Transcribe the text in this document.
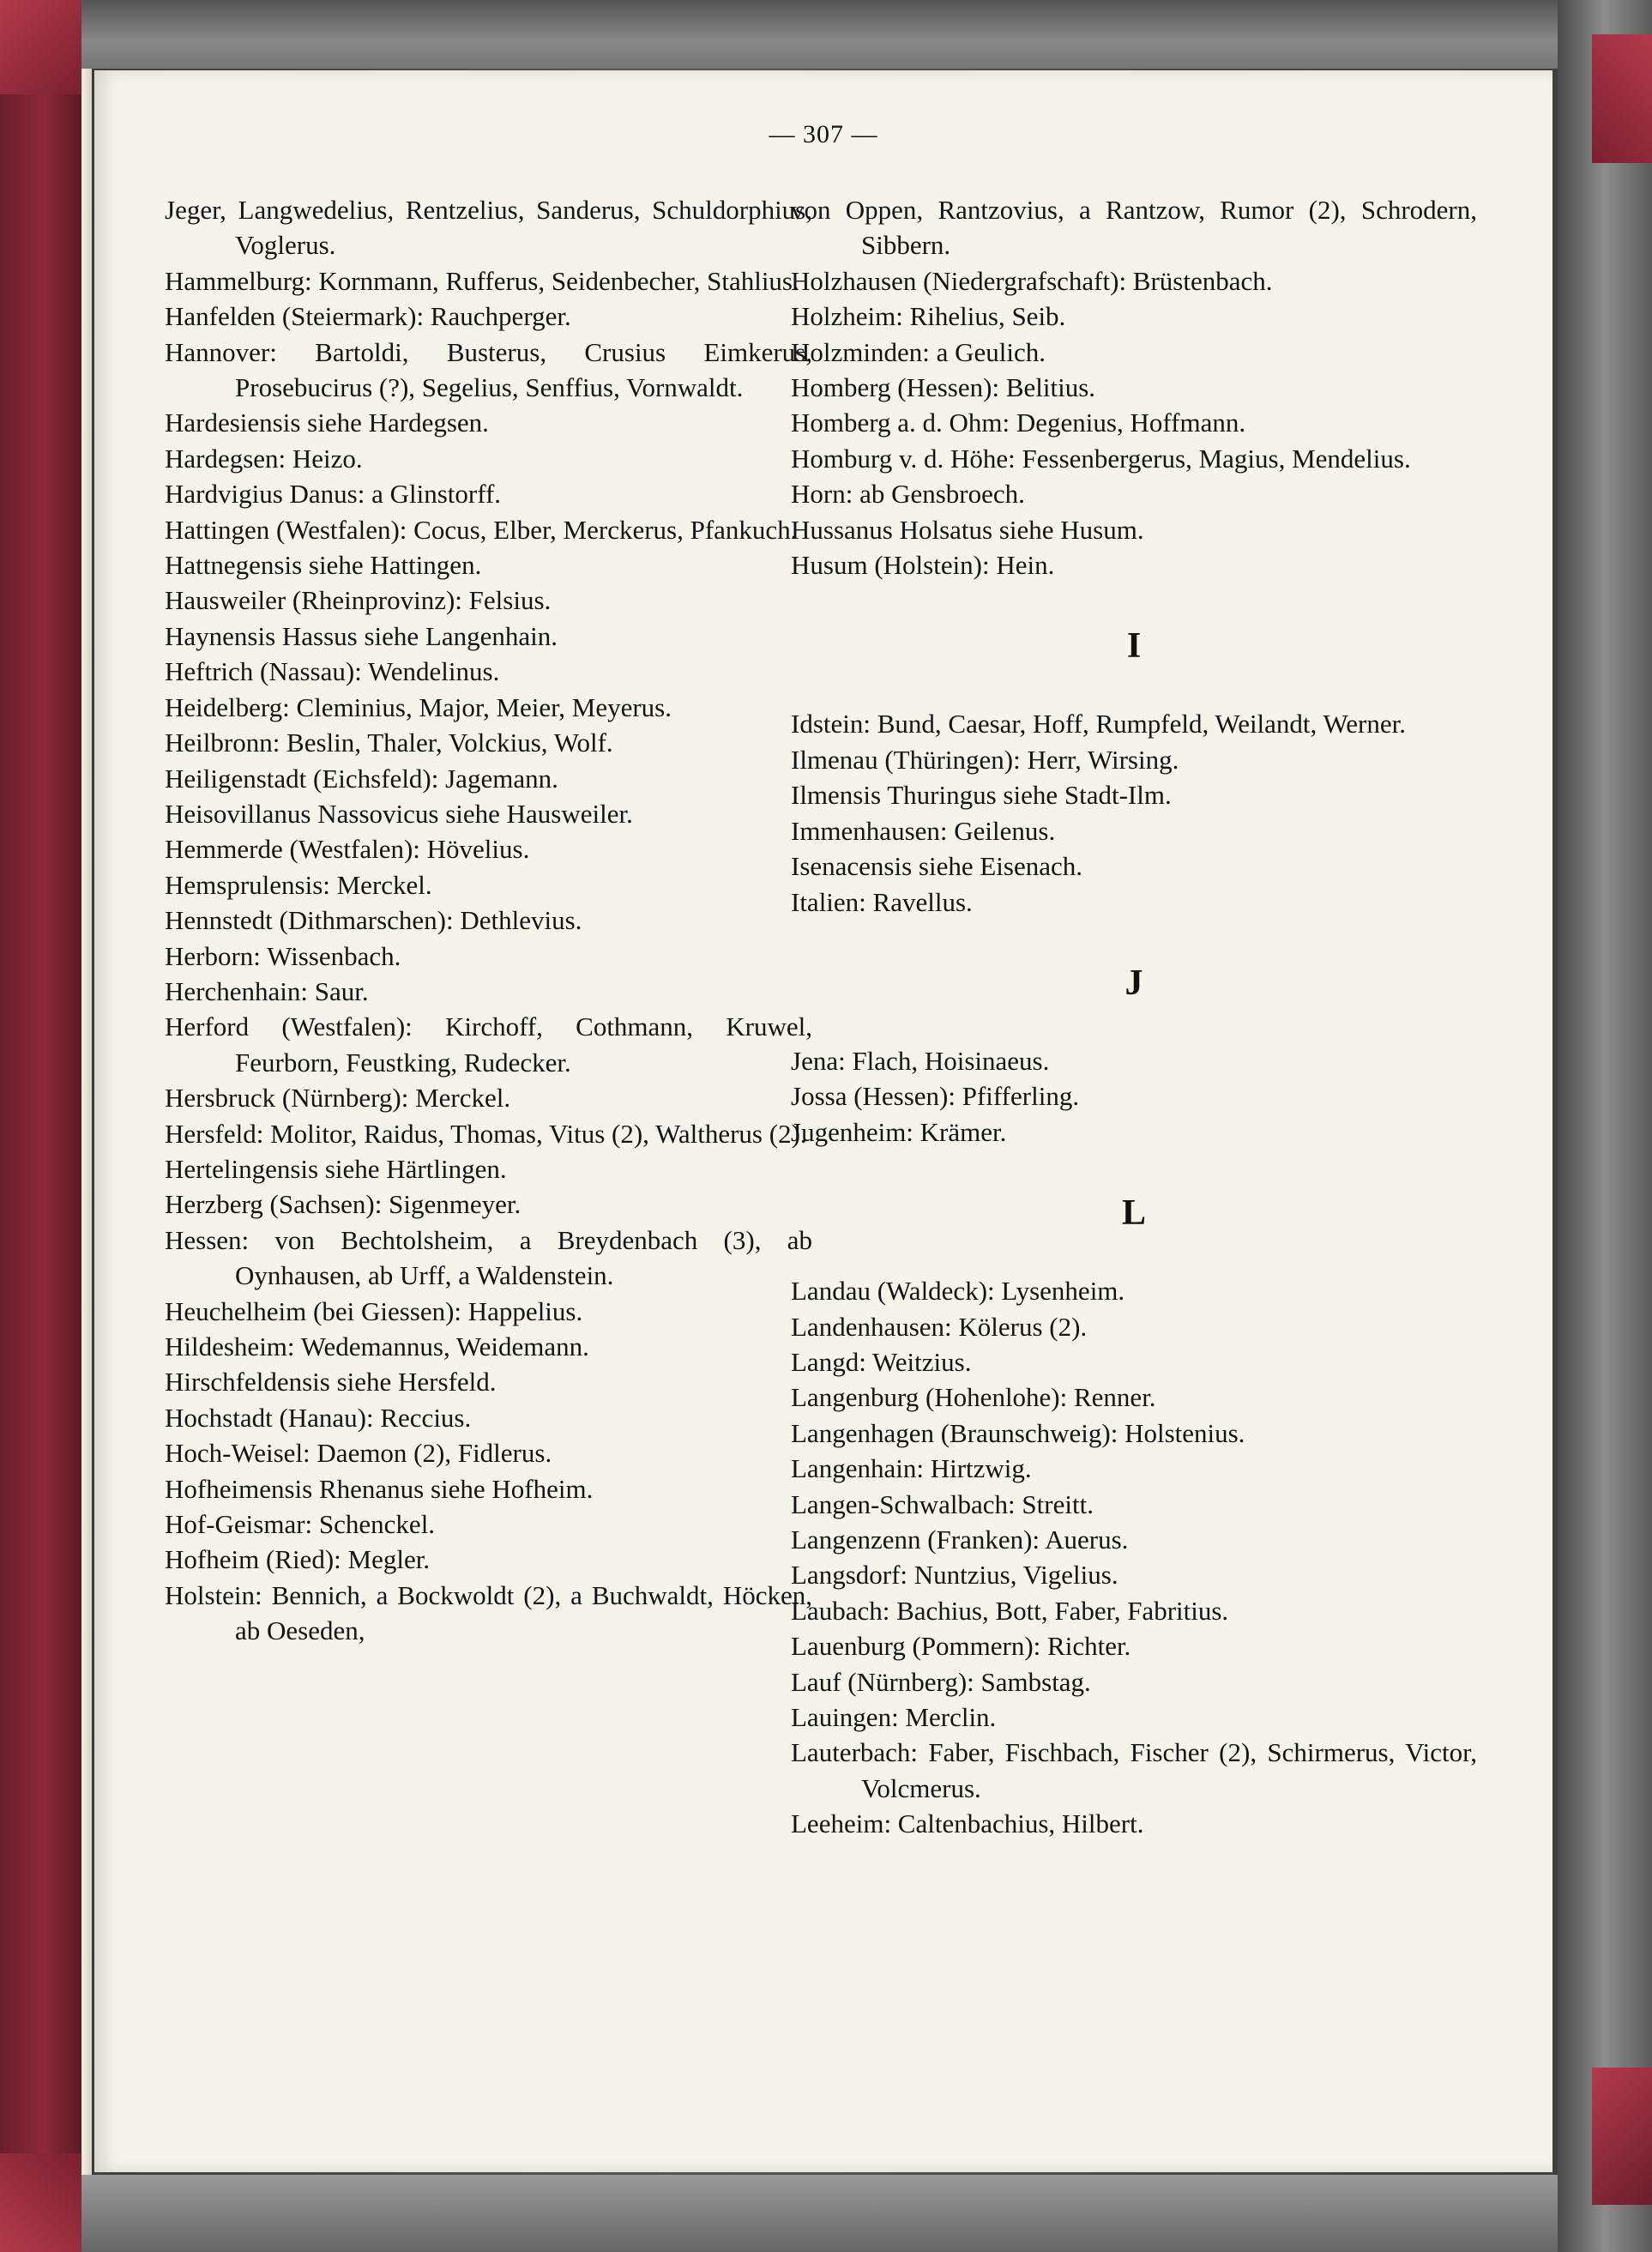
— 307 —
Jeger, Langwedelius, Rentzelius, Sanderus, Schuldorphius, Voglerus.
Hammelburg: Kornmann, Rufferus, Seidenbecher, Stahlius.
Hanfelden (Steiermark): Rauchperger.
Hannover: Bartoldi, Busterus, Crusius Eimkerus, Prosebucirus (?), Segelius, Senffius, Vornwaldt.
Hardesiensis siehe Hardegsen.
Hardegsen: Heizo.
Hardvigius Danus: a Glinstorff.
Hattingen (Westfalen): Cocus, Elber, Merckerus, Pfankuch.
Hattnegensis siehe Hattingen.
Hausweiler (Rheinprovinz): Felsius.
Haynensis Hassus siehe Langenhain.
Heftrich (Nassau): Wendelinus.
Heidelberg: Cleminius, Major, Meier, Meyerus.
Heilbronn: Beslin, Thaler, Volckius, Wolf.
Heiligenstadt (Eichsfeld): Jagemann.
Heisovillanus Nassovicus siehe Hausweiler.
Hemmerde (Westfalen): Hövelius.
Hemsprulensis: Merckel.
Hennstedt (Dithmarschen): Dethlevius.
Herborn: Wissenbach.
Herchenhain: Saur.
Herford (Westfalen): Kirchoff, Cothmann, Kruwel, Feurborn, Feustking, Rudecker.
Hersbruck (Nürnberg): Merckel.
Hersfeld: Molitor, Raidus, Thomas, Vitus (2), Waltherus (2).
Hertelingensis siehe Härtlingen.
Herzberg (Sachsen): Sigenmeyer.
Hessen: von Bechtolsheim, a Breydenbach (3), ab Oynhausen, ab Urff, a Waldenstein.
Heuchelheim (bei Giessen): Happelius.
Hildesheim: Wedemannus, Weidemann.
Hirschfeldensis siehe Hersfeld.
Hochstadt (Hanau): Reccius.
Hoch-Weisel: Daemon (2), Fidlerus.
Hofheimensis Rhenanus siehe Hofheim.
Hof-Geismar: Schenckel.
Hofheim (Ried): Megler.
Holstein: Bennich, a Bockwoldt (2), a Buchwaldt, Höcken, ab Oeseden,
von Oppen, Rantzovius, a Rantzow, Rumor (2), Schrodern, Sibbern.
Holzhausen (Niedergrafschaft): Brüstenbach.
Holzheim: Rihelius, Seib.
Holzminden: a Geulich.
Homberg (Hessen): Belitius.
Homberg a. d. Ohm: Degenius, Hoffmann.
Homburg v. d. Höhe: Fessenbergerus, Magius, Mendelius.
Horn: ab Gensbroech.
Hussanus Holsatus siehe Husum.
Husum (Holstein): Hein.
I
Idstein: Bund, Caesar, Hoff, Rumpfeld, Weilandt, Werner.
Ilmenau (Thüringen): Herr, Wirsing.
Ilmensis Thuringus siehe Stadt-Ilm.
Immenhausen: Geilenus.
Isenacensis siehe Eisenach.
Italien: Ravellus.
J
Jena: Flach, Hoisinaeus.
Jossa (Hessen): Pfifferling.
Jugenheim: Krämer.
L
Landau (Waldeck): Lysenheim.
Landenhausen: Kölerus (2).
Langd: Weitzius.
Langenburg (Hohenlohe): Renner.
Langenhagen (Braunschweig): Holstenius.
Langenhain: Hirtzwig.
Langen-Schwalbach: Streitt.
Langenzenn (Franken): Auerus.
Langsdorf: Nuntzius, Vigelius.
Laubach: Bachius, Bott, Faber, Fabritius.
Lauenburg (Pommern): Richter.
Lauf (Nürnberg): Sambstag.
Lauingen: Merclin.
Lauterbach: Faber, Fischbach, Fischer (2), Schirmerus, Victor, Volcmerus.
Leeheim: Caltenbachius, Hilbert.
